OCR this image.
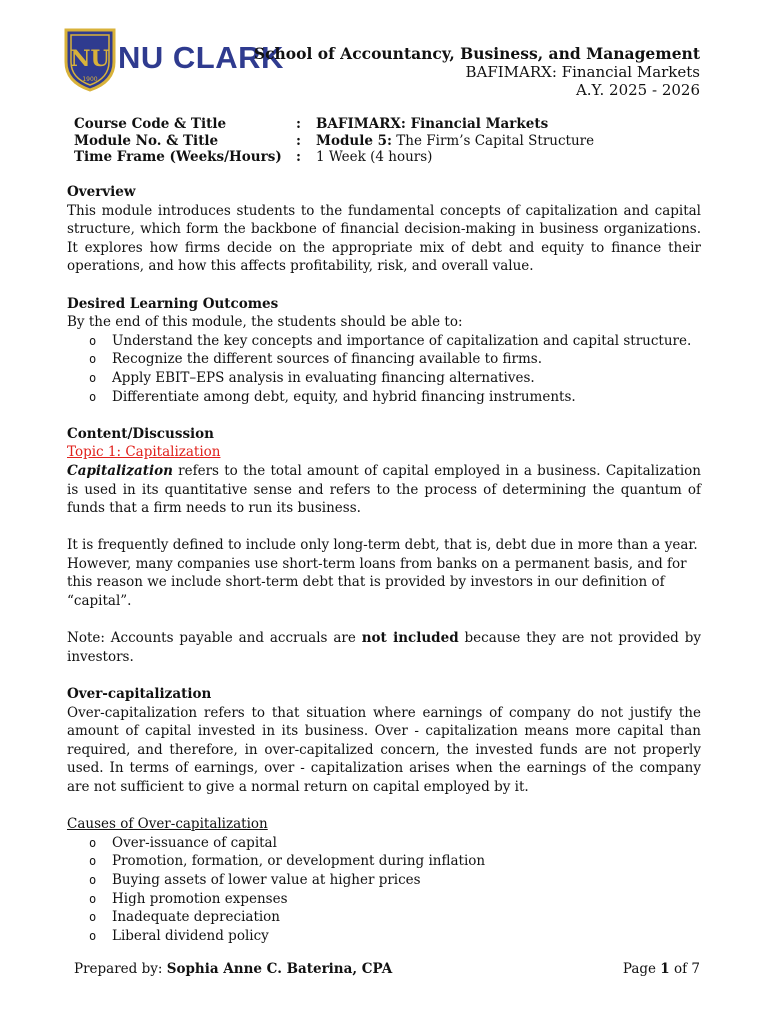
NU
1900
NU CLARK
School of Accountancy, Business, and Management
BAFIMARX: Financial Markets
A.Y. 2025 - 2026
Course Code & Title	:	BAFIMARX: Financial Markets
Module No. & Title	:	Module 5: The Firm’s Capital Structure
Time Frame (Weeks/Hours)	:	1 Week (4 hours)

Overview

This module introduces students to the fundamental concepts of capitalization and capital structure, which form the backbone of financial decision-making in business organizations. It explores how firms decide on the appropriate mix of debt and equity to finance their operations, and how this affects profitability, risk, and overall value.

Desired Learning Outcomes

By the end of this module, the students should be able to:

o Understand the key concepts and importance of capitalization and capital structure.
o Recognize the different sources of financing available to firms.
o Apply EBIT–EPS analysis in evaluating financing alternatives.
o Differentiate among debt, equity, and hybrid financing instruments.

Content/Discussion

Topic 1: Capitalization

Capitalization refers to the total amount of capital employed in a business. Capitalization is used in its quantitative sense and refers to the process of determining the quantum of funds that a firm needs to run its business.

It is frequently defined to include only long-term debt, that is, debt due in more than a year. However, many companies use short-term loans from banks on a permanent basis, and for this reason we include short-term debt that is provided by investors in our definition of “capital”.

Note: Accounts payable and accruals are not included because they are not provided by investors.

Over-capitalization

Over-capitalization refers to that situation where earnings of company do not justify the amount of capital invested in its business. Over - capitalization means more capital than required, and therefore, in over-capitalized concern, the invested funds are not properly used. In terms of earnings, over - capitalization arises when the earnings of the company are not sufficient to give a normal return on capital employed by it.

Causes of Over-capitalization

o Over-issuance of capital
o Promotion, formation, or development during inflation
o Buying assets of lower value at higher prices
o High promotion expenses
o Inadequate depreciation
o Liberal dividend policy
Prepared by: Sophia Anne C. Baterina, CPA	Page 1 of 7
